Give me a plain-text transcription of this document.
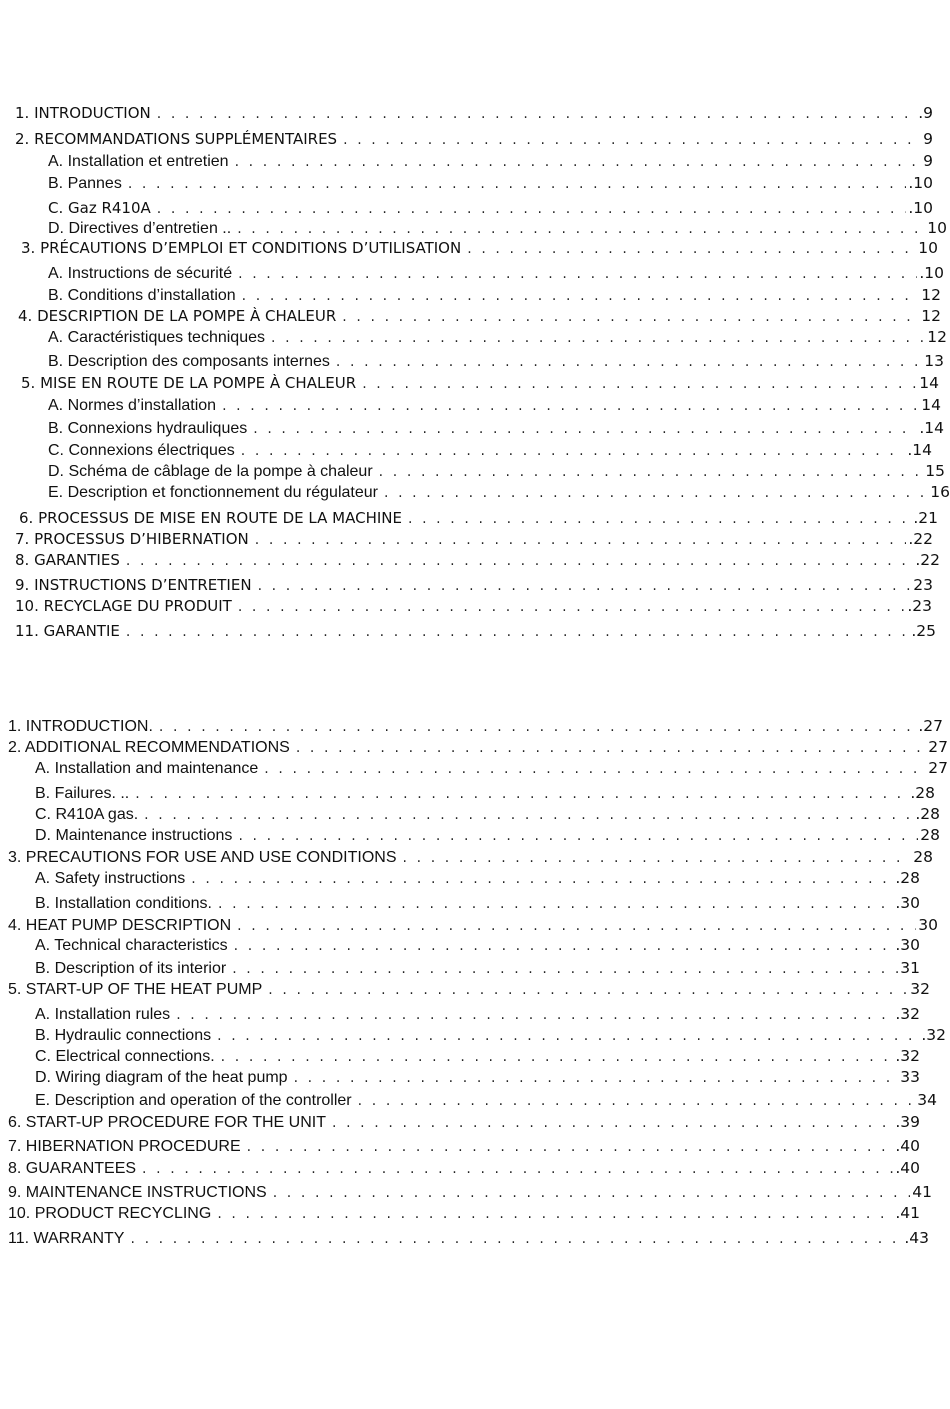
1. INTRODUCTION . . .	.9
2. RECOMMANDATIONS SUPPLÉMENTAIRES . . .	9
A. Installation et entretien . . .	9
B. Pannes . . .	.10
C. Gaz R410A . . .	.10
D. Directives d’entretien .. . . .	10
3. PRÉCAUTIONS D’EMPLOI ET CONDITIONS D’UTILISATION . . .	10
A. Instructions de sécurité . . .	.10
B. Conditions d’installation . . .	12
4. DESCRIPTION DE LA POMPE À CHALEUR . . .	12
A. Caractéristiques techniques . . .	12
B. Description des composants internes . . .	13
5. MISE EN ROUTE DE LA POMPE À CHALEUR . . .	14
A. Normes d’installation . . .	14
B. Connexions hydrauliques . . .	.14
C. Connexions électriques . . .	.14
D. Schéma de câblage de la pompe à chaleur . . .	15
E. Description et fonctionnement du régulateur . . .	16
6. PROCESSUS DE MISE EN ROUTE DE LA MACHINE . . .	.21
7. PROCESSUS D’HIBERNATION . . .	.22
8. GARANTIES . . .	.22
9. INSTRUCTIONS D’ENTRETIEN . . .	23
10. RECYCLAGE DU PRODUIT . . .	.23
11. GARANTIE . . .	.25
1. INTRODUCTION. . . .	.27
2. ADDITIONAL RECOMMENDATIONS . . .	27
A. Installation and maintenance . . .	27
B. Failures. .. . . .	.28
C. R410A gas. . . .	.28
D. Maintenance instructions . . .	28
3. PRECAUTIONS FOR USE AND USE CONDITIONS . . .	28
A. Safety instructions . . .	.28
B. Installation conditions. . . .	.30
4. HEAT PUMP DESCRIPTION . . .	30
A. Technical characteristics . . .	.30
B. Description of its interior . . .	31
5. START-UP OF THE HEAT PUMP . . .	32
A. Installation rules . . .	.32
B. Hydraulic connections . . .	.32
C. Electrical connections. . . .	.32
D. Wiring diagram of the heat pump . . .	33
E. Description and operation of the controller . . .	34
6. START-UP PROCEDURE FOR THE UNIT . . .	.39
7. HIBERNATION PROCEDURE . . .	.40
8. GUARANTEES . . .	.40
9. MAINTENANCE INSTRUCTIONS . . .	41
10. PRODUCT RECYCLING . . .	.41
11. WARRANTY . . .	.43
